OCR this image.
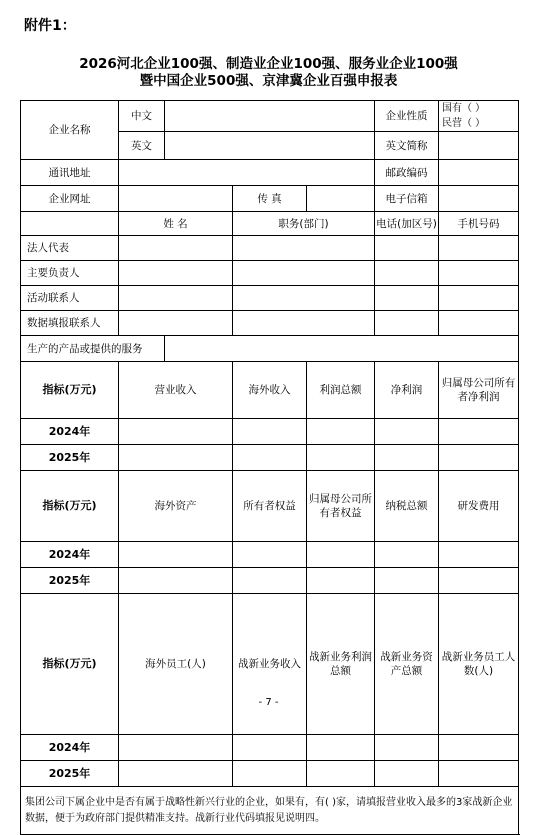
附件1：
2026河北企业100强、制造业企业100强、服务业企业100强
暨中国企业500强、京津冀企业百强申报表
企业名称	中文				企业性质	国有（ ）
民营（ ）	

	英文				英文简称		
通讯地址					邮政编码		
企业网址			传 真		电子信箱		
	姓 名		职务(部门)		电话(加区号)	手机号码	
法人代表							
主要负责人							
活动联系人							
数据填报联系人							
生产的产品或提供的服务							
指标(万元)	营业收入		海外收入	利润总额	净利润	归属母公司所有者净利润	
2024年							
2025年							
指标(万元)	海外资产		所有者权益	归属母公司所有者权益	纳税总额	研发费用	
2024年							
2025年							
指标(万元)	海外员工(人)		战新业务收入	战新业务利润总额	战新业务资产总额	战新业务员工人数(人)	
2024年							
2025年							
集团公司下属企业中是否有属于战略性新兴行业的企业，如果有，有( )家，请填报营业收入最多的3家战新企业数据，便于为政府部门提供精准支持。战新行业代码填报见说明四。							
- 7 -
